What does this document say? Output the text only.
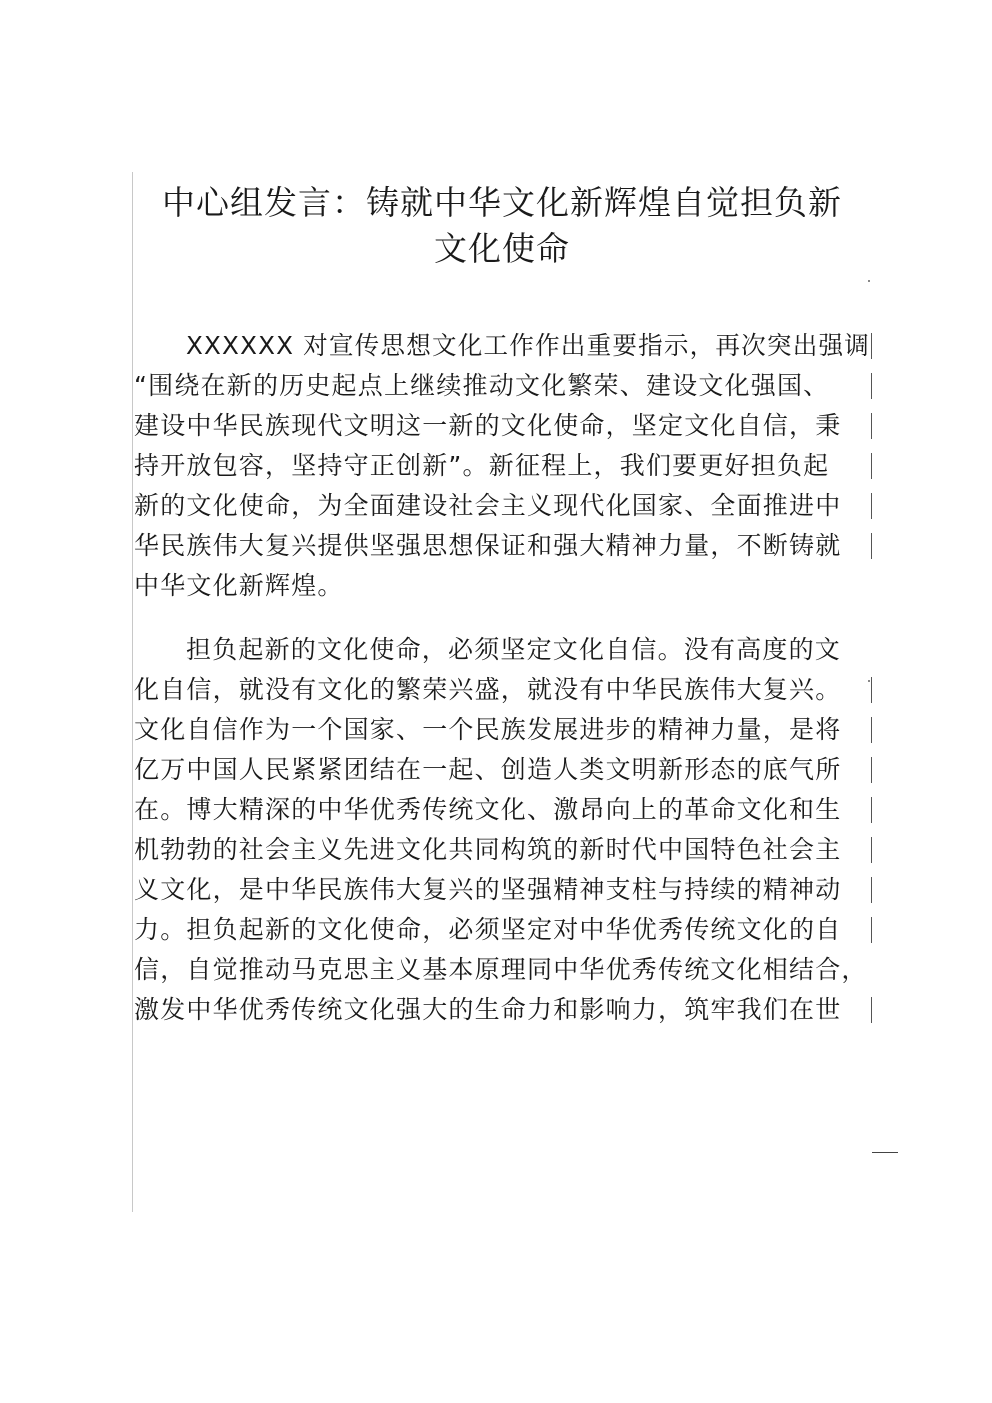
中心组发言：铸就中华文化新辉煌自觉担负新
文化使命
XXXXXX 对宣传思想文化工作作出重要指示，再次突出强调
“围绕在新的历史起点上继续推动文化繁荣、建设文化强国、
建设中华民族现代文明这一新的文化使命，坚定文化自信，秉
持开放包容，坚持守正创新”。新征程上，我们要更好担负起
新的文化使命，为全面建设社会主义现代化国家、全面推进中
华民族伟大复兴提供坚强思想保证和强大精神力量，不断铸就
中华文化新辉煌。
担负起新的文化使命，必须坚定文化自信。没有高度的文
化自信，就没有文化的繁荣兴盛，就没有中华民族伟大复兴。
文化自信作为一个国家、一个民族发展进步的精神力量，是将
亿万中国人民紧紧团结在一起、创造人类文明新形态的底气所
在。博大精深的中华优秀传统文化、激昂向上的革命文化和生
机勃勃的社会主义先进文化共同构筑的新时代中国特色社会主
义文化，是中华民族伟大复兴的坚强精神支柱与持续的精神动
力。担负起新的文化使命，必须坚定对中华优秀传统文化的自
信，自觉推动马克思主义基本原理同中华优秀传统文化相结合，
激发中华优秀传统文化强大的生命力和影响力，筑牢我们在世
